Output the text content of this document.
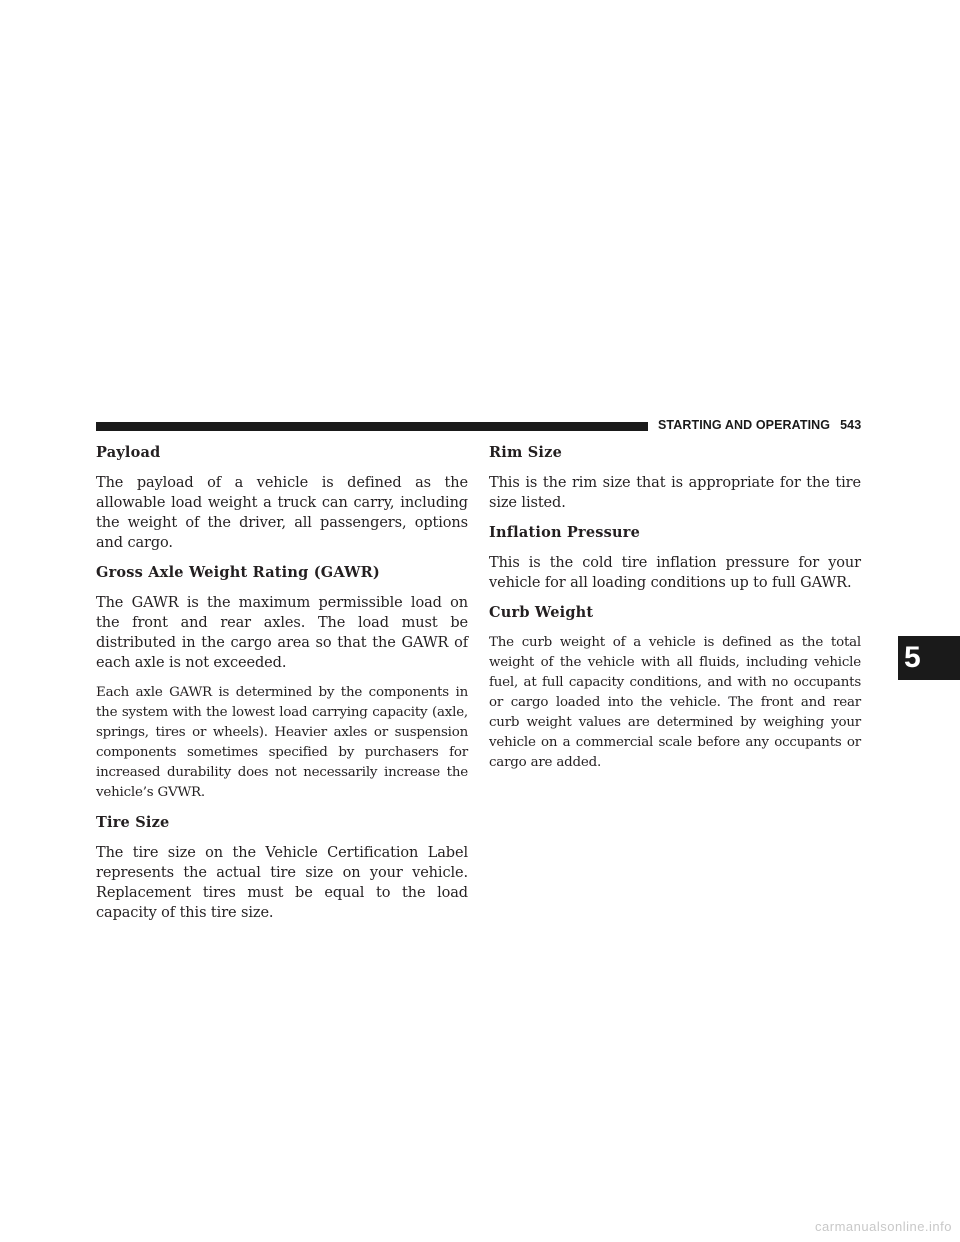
STARTING AND OPERATING 543
Payload

The payload of a vehicle is defined as the allowable load weight a truck can carry, including the weight of the driver, all passengers, options and cargo.

Gross Axle Weight Rating (GAWR)

The GAWR is the maximum permissible load on the front and rear axles. The load must be distributed in the cargo area so that the GAWR of each axle is not exceeded.

Each axle GAWR is determined by the components in the system with the lowest load carrying capacity (axle, springs, tires or wheels). Heavier axles or suspension components sometimes specified by purchasers for increased durability does not necessarily increase the vehicle’s GVWR.

Tire Size

The tire size on the Vehicle Certification Label represents the actual tire size on your vehicle. Replacement tires must be equal to the load capacity of this tire size.

Rim Size

This is the rim size that is appropriate for the tire size listed.

Inflation Pressure

This is the cold tire inflation pressure for your vehicle for all loading conditions up to full GAWR.

Curb Weight

The curb weight of a vehicle is defined as the total weight of the vehicle with all fluids, including vehicle fuel, at full capacity conditions, and with no occupants or cargo loaded into the vehicle. The front and rear curb weight values are determined by weighing your vehicle on a commercial scale before any occupants or cargo are added.

5
carmanualsonline.info
